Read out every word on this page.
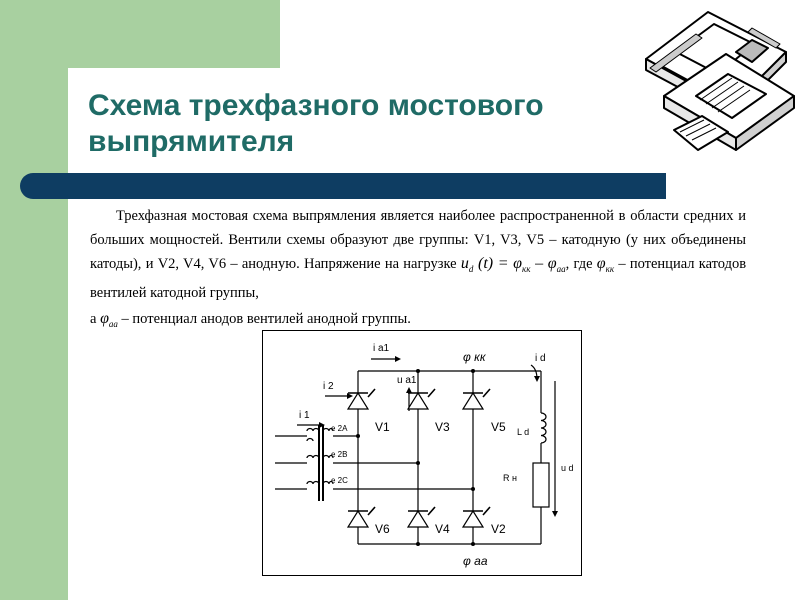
Схема трехфазного мостового выпрямителя

Трехфазная мостовая схема выпрямления является наиболее распространенной в области средних и больших мощностей. Вентили схемы образуют две группы: V1, V3, V5 – катодную (у них объединены катоды), и V2, V4, V6 – анодную. Напряжение на нагрузке $u_d$ $(t) = \varphi_{кк} - \varphi_{аа}$, где $\varphi_{кк}$ – потенциал катодов вентилей катодной группы,

а $\varphi_{аа}$ – потенциал анодов вентилей анодной группы.

i а1
u а1
i 2
i 1
φ кк	i d
e 2A
e 2B
e 2C
L d
R н
u d
φ аа
V1	V3	V5
V6	V4	V2
